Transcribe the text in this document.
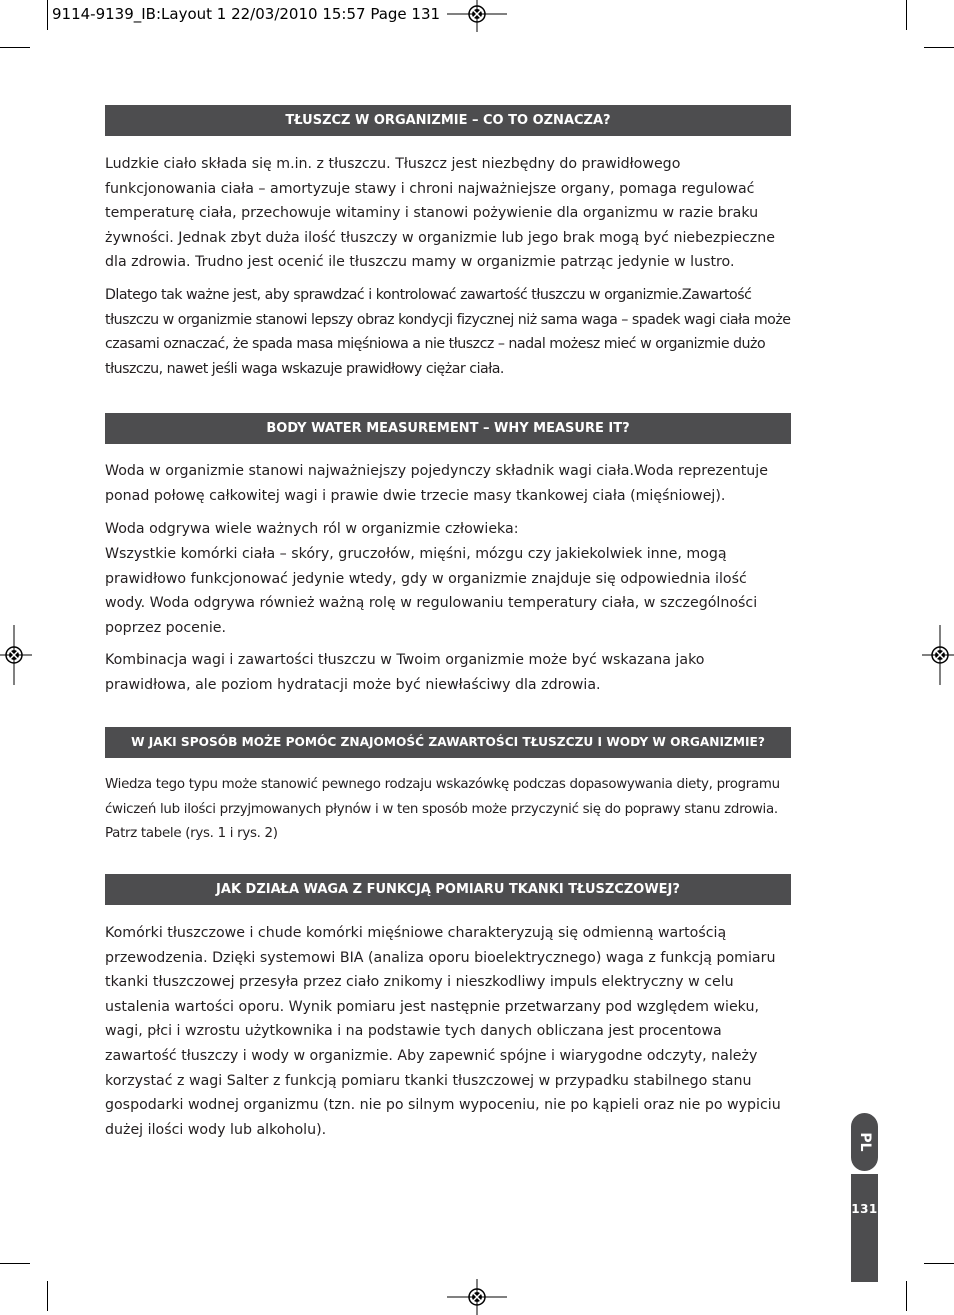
9114-9139_IB:Layout 1 22/03/2010 15:57 Page 131
TŁUSZCZ W ORGANIZMIE – CO TO OZNACZA?

Ludzkie ciało składa się m.in. z tłuszczu. Tłuszcz jest niezbędny do prawidłowego funkcjonowania ciała – amortyzuje stawy i chroni najważniejsze organy, pomaga regulować temperaturę ciała, przechowuje witaminy i stanowi pożywienie dla organizmu w razie braku żywności. Jednak zbyt duża ilość tłuszczy w organizmie lub jego brak mogą być niebezpieczne dla zdrowia. Trudno jest ocenić ile tłuszczu mamy w organizmie patrząc jedynie w lustro.

Dlatego tak ważne jest, aby sprawdzać i kontrolować zawartość tłuszczu w organizmie.Zawartość tłuszczu w organizmie stanowi lepszy obraz kondycji fizycznej niż sama waga – spadek wagi ciała może czasami oznaczać, że spada masa mięśniowa a nie tłuszcz – nadal możesz mieć w organizmie dużo tłuszczu, nawet jeśli waga wskazuje prawidłowy ciężar ciała.

BODY WATER MEASUREMENT – WHY MEASURE IT?

Woda w organizmie stanowi najważniejszy pojedynczy składnik wagi ciała.Woda reprezentuje ponad połowę całkowitej wagi i prawie dwie trzecie masy tkankowej ciała (mięśniowej).

Woda odgrywa wiele ważnych ról w organizmie człowieka:

Wszystkie komórki ciała – skóry, gruczołów, mięśni, mózgu czy jakiekolwiek inne, mogą prawidłowo funkcjonować jedynie wtedy, gdy w organizmie znajduje się odpowiednia ilość wody. Woda odgrywa również ważną rolę w regulowaniu temperatury ciała, w szczególności poprzez pocenie.

Kombinacja wagi i zawartości tłuszczu w Twoim organizmie może być wskazana jako prawidłowa, ale poziom hydratacji może być niewłaściwy dla zdrowia.

W JAKI SPOSÓB MOŻE POMÓC ZNAJOMOŚĆ ZAWARTOŚCI TŁUSZCZU I WODY W ORGANIZMIE?

Wiedza tego typu może stanowić pewnego rodzaju wskazówkę podczas dopasowywania diety, programu ćwiczeń lub ilości przyjmowanych płynów i w ten sposób może przyczynić się do poprawy stanu zdrowia. Patrz tabele (rys. 1 i rys. 2)

JAK DZIAŁA WAGA Z FUNKCJĄ POMIARU TKANKI TŁUSZCZOWEJ?

Komórki tłuszczowe i chude komórki mięśniowe charakteryzują się odmienną wartością przewodzenia. Dzięki systemowi BIA (analiza oporu bioelektrycznego) waga z funkcją pomiaru tkanki tłuszczowej przesyła przez ciało znikomy i nieszkodliwy impuls elektryczny w celu ustalenia wartości oporu. Wynik pomiaru jest następnie przetwarzany pod względem wieku, wagi, płci i wzrostu użytkownika i na podstawie tych danych obliczana jest procentowa zawartość tłuszczy i wody w organizmie. Aby zapewnić spójne i wiarygodne odczyty, należy korzystać z wagi Salter z funkcją pomiaru tkanki tłuszczowej w przypadku stabilnego stanu gospodarki wodnej organizmu (tzn. nie po silnym wypoceniu, nie po kąpieli oraz nie po wypiciu dużej ilości wody lub alkoholu).

PL
131
